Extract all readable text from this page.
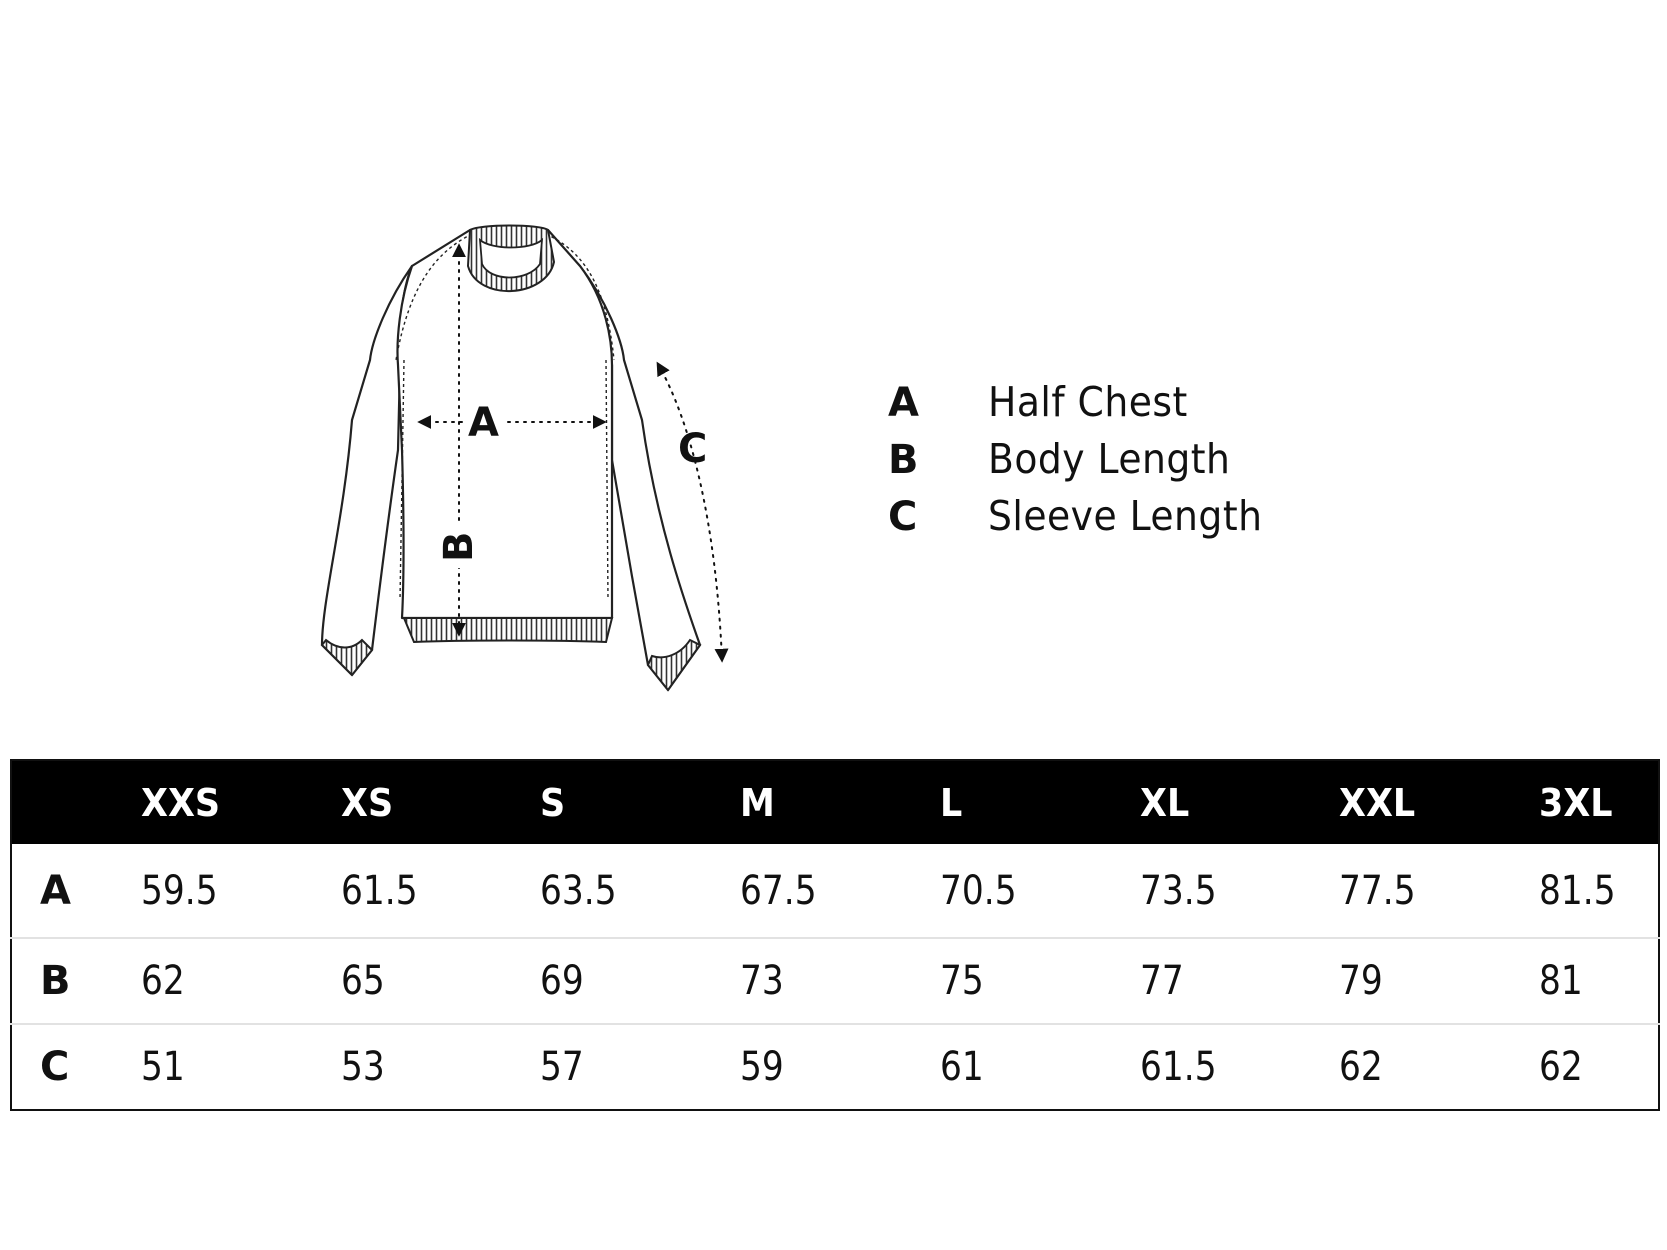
A
B
C
A	Half Chest
B	Body Length
C	Sleeve Length
	XXS	XS	S	M	L	XL	XXL	3XL
A	59.5	61.5	63.5	67.5	70.5	73.5	77.5	81.5
B	62	65	69	73	75	77	79	81
C	51	53	57	59	61	61.5	62	62
